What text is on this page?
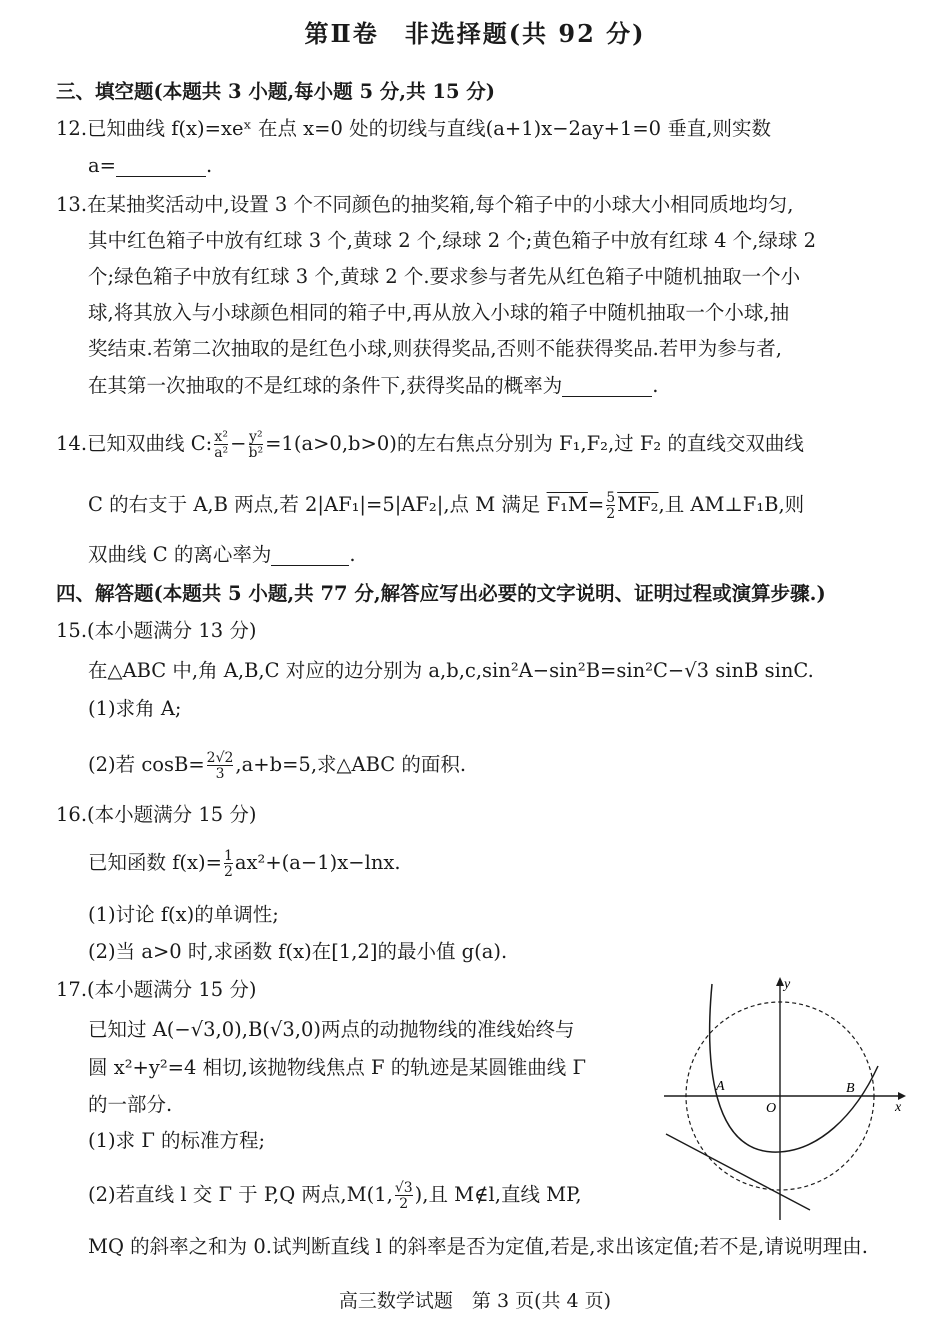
第Ⅱ卷　非选择题(共 92 分)
三、填空题(本题共 3 小题,每小题 5 分,共 15 分)
12.已知曲线 f(x)=xeˣ 在点 x=0 处的切线与直线(a+1)x−2ay+1=0 垂直,则实数
a=	.
13.在某抽奖活动中,设置 3 个不同颜色的抽奖箱,每个箱子中的小球大小相同质地均匀,
其中红色箱子中放有红球 3 个,黄球 2 个,绿球 2 个;黄色箱子中放有红球 4 个,绿球 2
个;绿色箱子中放有红球 3 个,黄球 2 个.要求参与者先从红色箱子中随机抽取一个小
球,将其放入与小球颜色相同的箱子中,再从放入小球的箱子中随机抽取一个小球,抽
奖结束.若第二次抽取的是红色小球,则获得奖品,否则不能获得奖品.若甲为参与者,
在其第一次抽取的不是红球的条件下,获得奖品的概率为	.
14.已知双曲线 C: $\frac{\text{x²}}{\text{a²}} - \frac{\text{y²}}{\text{b²}} =1(a>0,b>0)$的左右焦点分别为 F₁,F₂,过 F₂ 的直线交双曲线
C 的右支于 A,B 两点,若 2|AF₁|=5|AF₂|,点 M 满足 $F_1M= \frac{5}{2} MF_2$,且 AM⊥F₁B,则
双曲线 C 的离心率为	.
四、解答题(本题共 5 小题,共 77 分,解答应写出必要的文字说明、证明过程或演算步骤.)
15.(本小题满分 13 分)
在△ABC 中,角 A,B,C 对应的边分别为 a,b,c,sin²A−sin²B=sin²C−√3 sinB sinC.
(1)求角 A;
(2)若 $\cos B= \frac{2√2}{3} ,a+b=5$,求△ABC 的面积.
16.(本小题满分 15 分)
已知函数 $f(x)= \frac{1}{2} ax^2+(a-1)x-\ln x$.
(1)讨论 f(x)的单调性;
(2)当 a>0 时,求函数 f(x)在[1,2]的最小值 g(a).
17.(本小题满分 15 分)
已知过 A(−√3,0),B(√3,0)两点的动抛物线的准线始终与
圆 x²+y²=4 相切,该抛物线焦点 F 的轨迹是某圆锥曲线 Γ
的一部分.
(1)求 Γ 的标准方程;
(2)若直线 l 交 Γ 于 P,Q 两点,M(1, $\frac{√3}{2}$ ),且 M∉l,直线 MP,
MQ 的斜率之和为 0.试判断直线 l 的斜率是否为定值,若是,求出该定值;若不是,请说明理由.
y
x
O
A	B
高三数学试题　第 3 页(共 4 页)
